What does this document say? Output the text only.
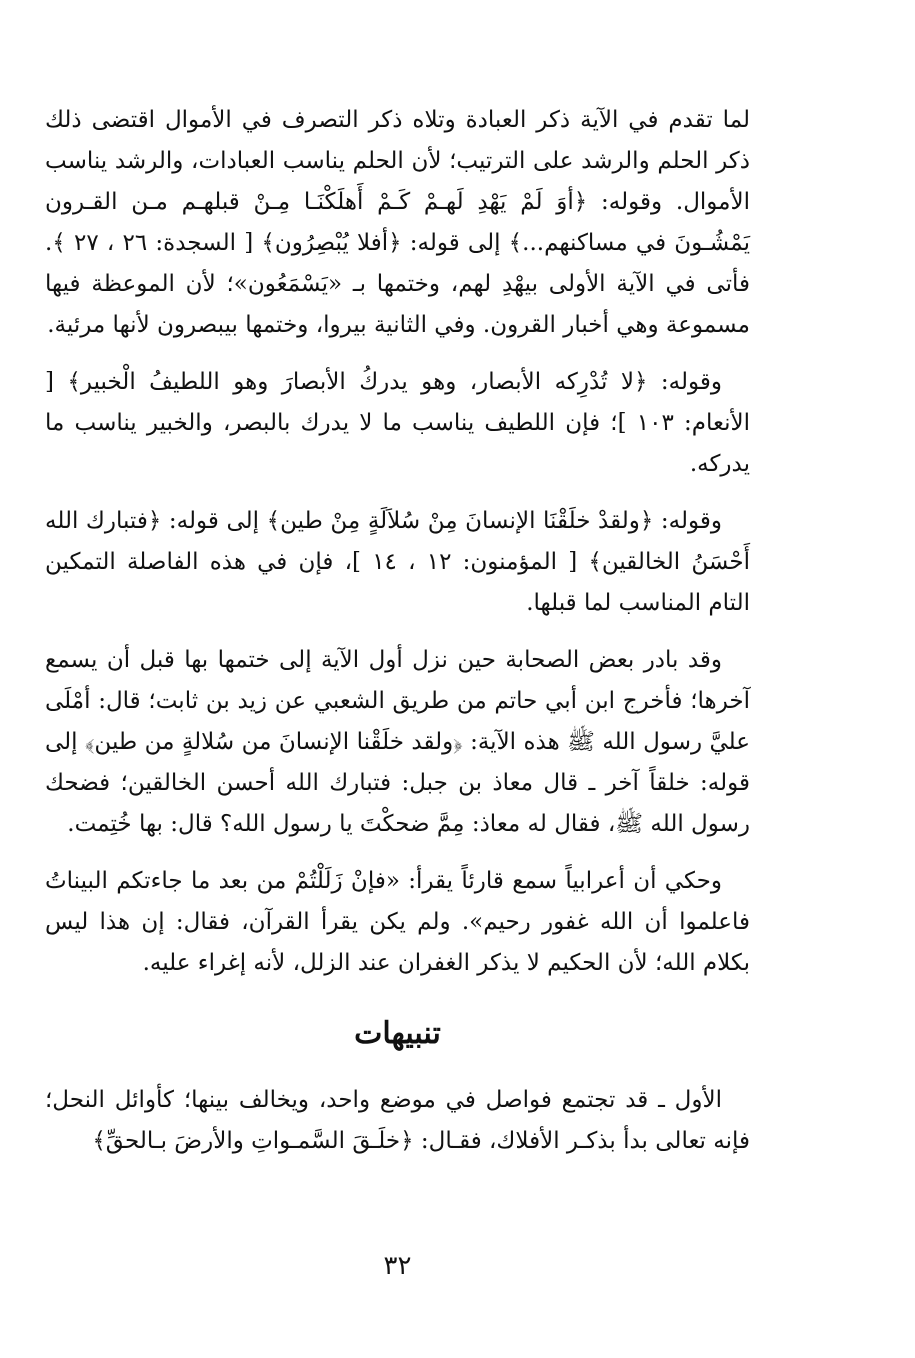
لما تقدم في الآية ذكر العبادة وتلاه ذكر التصرف في الأموال اقتضى ذلك ذكر الحلم والرشد على الترتيب؛ لأن الحلم يناسب العبادات، والرشد يناسب الأموال. وقوله: ﴿أوَ لَمْ يَهْدِ لَهـمْ كَـمْ أَهلَكْنَـا مِـنْ قبلهـم مـن القـرون يَمْشُـونَ في مساكنهم...﴾ إلى قوله: ﴿أفلا يُبْصِرُون﴾ [ السجدة: ٢٦ ، ٢٧ ﴾. فأتى في الآية الأولى بيهْدِ لهم، وختمها بـ «يَسْمَعُون»؛ لأن الموعظة فيها مسموعة وهي أخبار القرون. وفي الثانية بيروا، وختمها بيبصرون لأنها مرئية.

وقوله: ﴿لا تُدْرِكه الأبصار، وهو يدركُ الأبصارَ وهو اللطيفُ الْخبير﴾ [ الأنعام: ١٠٣ ]؛ فإن اللطيف يناسب ما لا يدرك بالبصر، والخبير يناسب ما يدركه.

وقوله: ﴿ولقدْ خلَقْنَا الإنسانَ مِنْ سُلاَلَةٍ مِنْ طين﴾ إلى قوله: ﴿فتبارك الله أَحْسَنُ الخالقين﴾ [ المؤمنون: ١٢ ، ١٤ ]، فإن في هذه الفاصلة التمكين التام المناسب لما قبلها.

وقد بادر بعض الصحابة حين نزل أول الآية إلى ختمها بها قبل أن يسمع آخرها؛ فأخرج ابن أبي حاتم من طريق الشعبي عن زيد بن ثابت؛ قال: أمْلَى عليَّ رسول الله ﷺ هذه الآية: ﴿ولقد خلَقْنا الإنسانَ من سُلالةٍ من طين﴾ إلى قوله: خلقاً آخر ـ قال معاذ بن جبل: فتبارك الله أحسن الخالقين؛ فضحك رسول الله ﷺ، فقال له معاذ: مِمَّ ضحكْتَ يا رسول الله؟ قال: بها خُتِمت.

وحكي أن أعرابياً سمع قارئاً يقرأ: «فإنْ زَلَلْتُمْ من بعد ما جاءتكم البيناتُ فاعلموا أن الله غفور رحيم». ولم يكن يقرأ القرآن، فقال: إن هذا ليس بكلام الله؛ لأن الحكيم لا يذكر الغفران عند الزلل، لأنه إغراء عليه.

تنبيهات

الأول ـ قد تجتمع فواصل في موضع واحد، ويخالف بينها؛ كأوائل النحل؛ فإنه تعالى بدأ بذكـر الأفلاك، فقـال: ﴿خلَـقَ السَّمـواتِ والأرضَ بـالحقِّ﴾

٣٢
